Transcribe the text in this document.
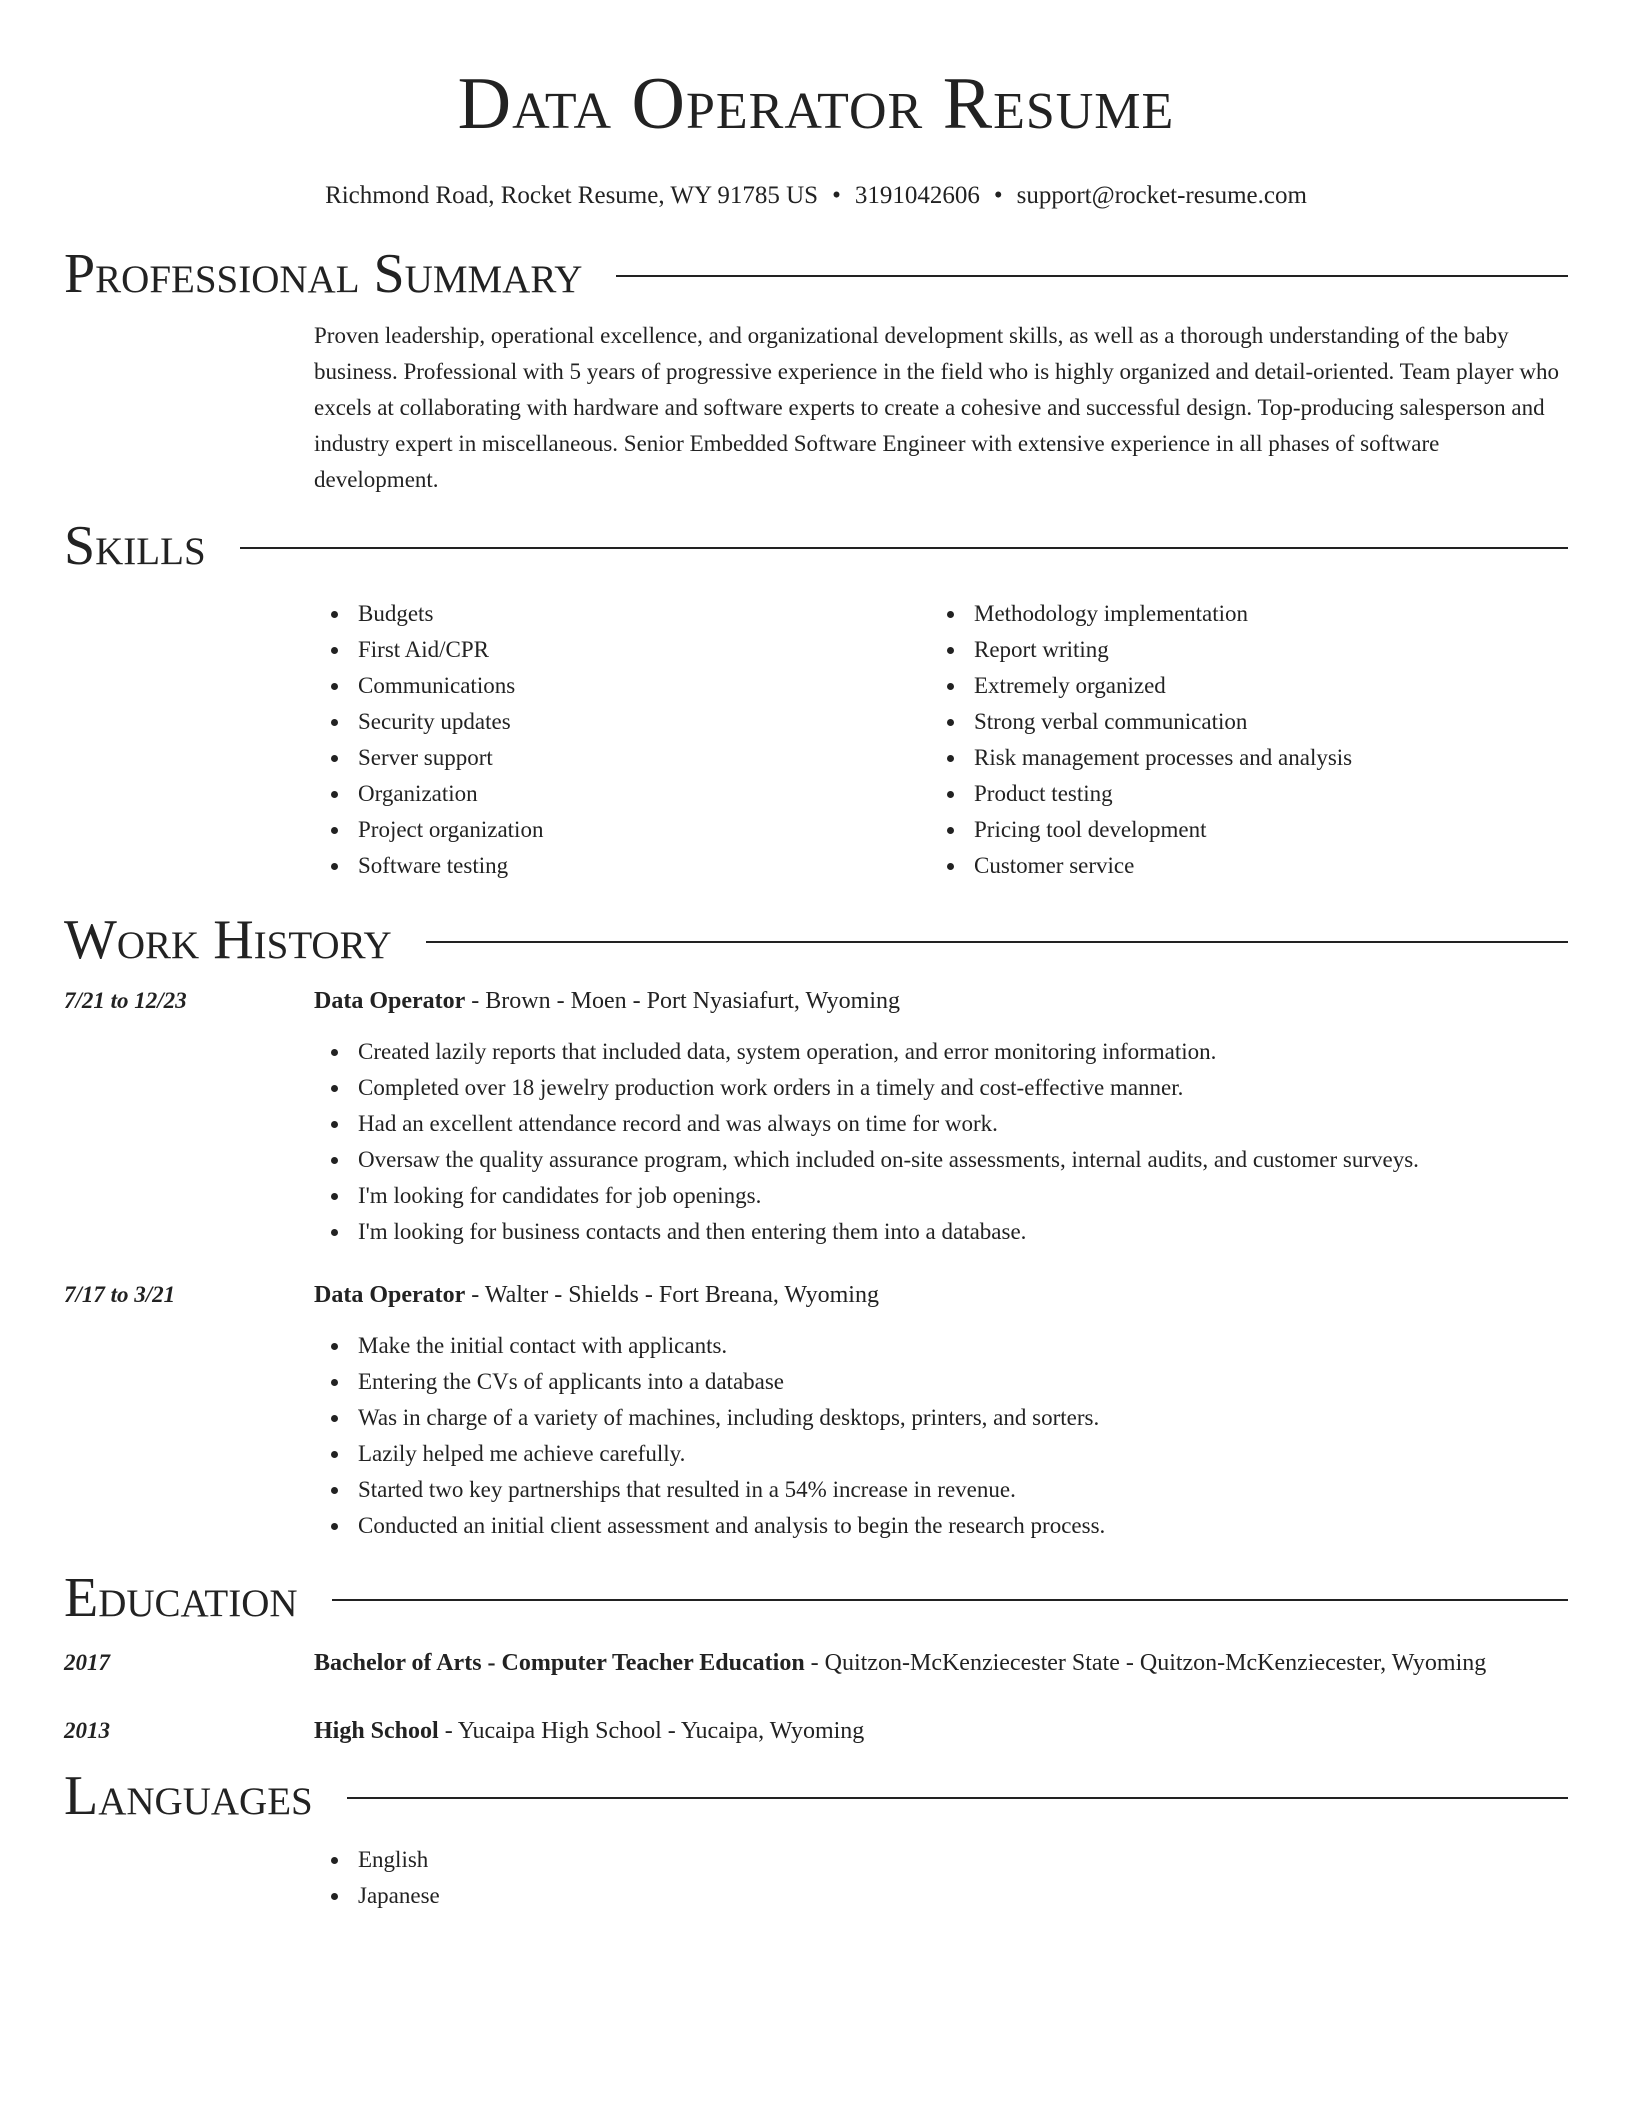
Data Operator Resume
Richmond Road, Rocket Resume, WY 91785 US • 3191042606 • support@rocket-resume.com
Professional Summary

Proven leadership, operational excellence, and organizational development skills, as well as a thorough understanding of the baby business. Professional with 5 years of progressive experience in the field who is highly organized and detail-oriented. Team player who excels at collaborating with hardware and software experts to create a cohesive and successful design. Top-producing salesperson and industry expert in miscellaneous. Senior Embedded Software Engineer with extensive experience in all phases of software development.

Skills
Budgets
First Aid/CPR
Communications
Security updates
Server support
Organization
Project organization
Software testing
Methodology implementation
Report writing
Extremely organized
Strong verbal communication
Risk management processes and analysis
Product testing
Pricing tool development
Customer service
Work History
7/21 to 12/23	Data Operator - Brown - Moen - Port Nyasiafurt, Wyoming
Created lazily reports that included data, system operation, and error monitoring information.
Completed over 18 jewelry production work orders in a timely and cost-effective manner.
Had an excellent attendance record and was always on time for work.
Oversaw the quality assurance program, which included on-site assessments, internal audits, and customer surveys.
I'm looking for candidates for job openings.
I'm looking for business contacts and then entering them into a database.
7/17 to 3/21	Data Operator - Walter - Shields - Fort Breana, Wyoming
Make the initial contact with applicants.
Entering the CVs of applicants into a database
Was in charge of a variety of machines, including desktops, printers, and sorters.
Lazily helped me achieve carefully.
Started two key partnerships that resulted in a 54% increase in revenue.
Conducted an initial client assessment and analysis to begin the research process.
Education
2017	Bachelor of Arts - Computer Teacher Education - Quitzon-McKenziecester State - Quitzon-McKenziecester, Wyoming
2013	High School - Yucaipa High School - Yucaipa, Wyoming
Languages
English
Japanese
